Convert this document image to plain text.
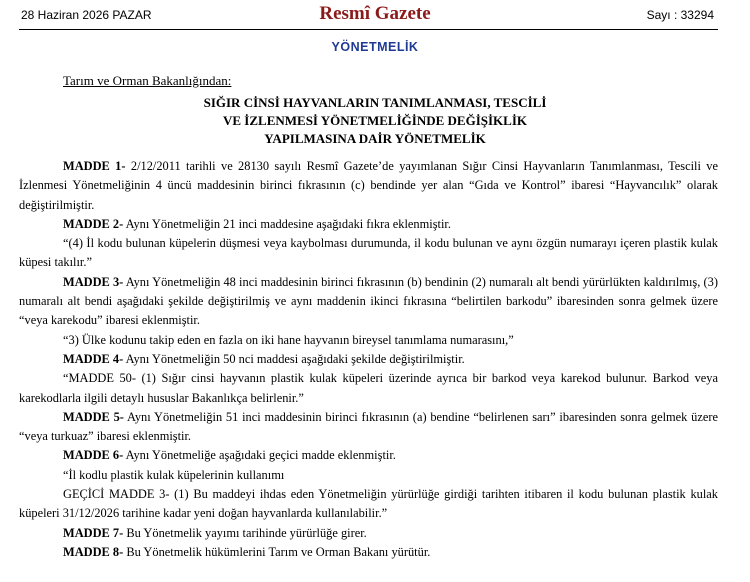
28 Haziran 2026 PAZAR	Resmî Gazete	Sayı : 33294
YÖNETMELİK
Tarım ve Orman Bakanlığından:
SIĞIR CİNSİ HAYVANLARIN TANIMLANMASI, TESCİLİ
VE İZLENMESİ YÖNETMELİĞİNDE DEĞİŞİKLİK
YAPILMASINA DAİR YÖNETMELİK

MADDE 1- 2/12/2011 tarihli ve 28130 sayılı Resmî Gazete’de yayımlanan Sığır Cinsi Hayvanların Tanımlanması, Tescili ve İzlenmesi Yönetmeliğinin 4 üncü maddesinin birinci fıkrasının (c) bendinde yer alan “Gıda ve Kontrol” ibaresi “Hayvancılık” olarak değiştirilmiştir.

MADDE 2- Aynı Yönetmeliğin 21 inci maddesine aşağıdaki fıkra eklenmiştir.

“(4) İl kodu bulunan küpelerin düşmesi veya kaybolması durumunda, il kodu bulunan ve aynı özgün numarayı içeren plastik kulak küpesi takılır.”

MADDE 3- Aynı Yönetmeliğin 48 inci maddesinin birinci fıkrasının (b) bendinin (2) numaralı alt bendi yürürlükten kaldırılmış, (3) numaralı alt bendi aşağıdaki şekilde değiştirilmiş ve aynı maddenin ikinci fıkrasına “belirtilen barkodu” ibaresinden sonra gelmek üzere “veya karekodu” ibaresi eklenmiştir.

“3) Ülke kodunu takip eden en fazla on iki hane hayvanın bireysel tanımlama numarasını,”

MADDE 4- Aynı Yönetmeliğin 50 nci maddesi aşağıdaki şekilde değiştirilmiştir.

“MADDE 50- (1) Sığır cinsi hayvanın plastik kulak küpeleri üzerinde ayrıca bir barkod veya karekod bulunur. Barkod veya karekodlarla ilgili detaylı hususlar Bakanlıkça belirlenir.”

MADDE 5- Aynı Yönetmeliğin 51 inci maddesinin birinci fıkrasının (a) bendine “belirlenen sarı” ibaresinden sonra gelmek üzere “veya turkuaz” ibaresi eklenmiştir.

MADDE 6- Aynı Yönetmeliğe aşağıdaki geçici madde eklenmiştir.

“İl kodlu plastik kulak küpelerinin kullanımı

GEÇİCİ MADDE 3- (1) Bu maddeyi ihdas eden Yönetmeliğin yürürlüğe girdiği tarihten itibaren il kodu bulunan plastik kulak küpeleri 31/12/2026 tarihine kadar yeni doğan hayvanlarda kullanılabilir.”

MADDE 7- Bu Yönetmelik yayımı tarihinde yürürlüğe girer.

MADDE 8- Bu Yönetmelik hükümlerini Tarım ve Orman Bakanı yürütür.
